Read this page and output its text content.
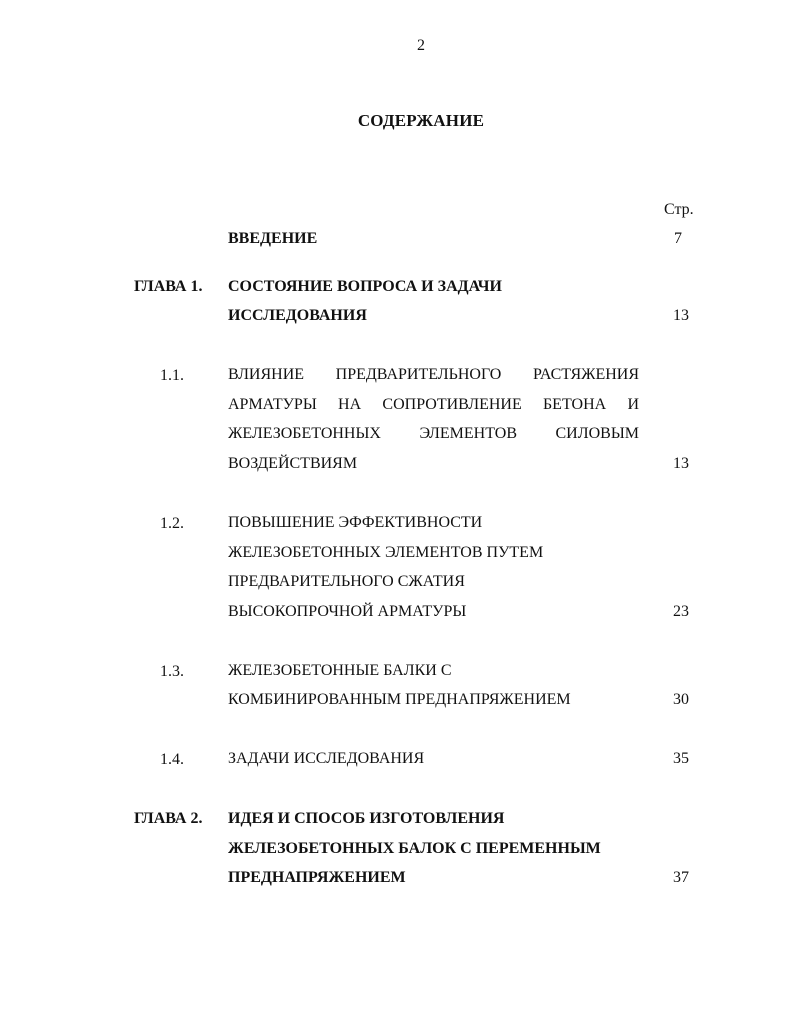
2
СОДЕРЖАНИЕ
Стр.
ВВЕДЕНИЕ	7
ГЛАВА 1. СОСТОЯНИЕ ВОПРОСА И ЗАДАЧИ
ИССЛЕДОВАНИЯ	13
1.1.	ВЛИЯНИЕ ПРЕДВАРИТЕЛЬНОГО РАСТЯЖЕНИЯ
АРМАТУРЫ НА СОПРОТИВЛЕНИЕ БЕТОНА И
ЖЕЛЕЗОБЕТОННЫХ ЭЛЕМЕНТОВ СИЛОВЫМ
ВОЗДЕЙСТВИЯМ	13
1.2.	ПОВЫШЕНИЕ ЭФФЕКТИВНОСТИ
ЖЕЛЕЗОБЕТОННЫХ ЭЛЕМЕНТОВ ПУТЕМ
ПРЕДВАРИТЕЛЬНОГО СЖАТИЯ
ВЫСОКОПРОЧНОЙ АРМАТУРЫ	23
1.3.	ЖЕЛЕЗОБЕТОННЫЕ БАЛКИ С
КОМБИНИРОВАННЫМ ПРЕДНАПРЯЖЕНИЕМ	30
1.4.	ЗАДАЧИ ИССЛЕДОВАНИЯ	35
ГЛАВА 2. ИДЕЯ И СПОСОБ ИЗГОТОВЛЕНИЯ
ЖЕЛЕЗОБЕТОННЫХ БАЛОК С ПЕРЕМЕННЫМ
ПРЕДНАПРЯЖЕНИЕМ	37
